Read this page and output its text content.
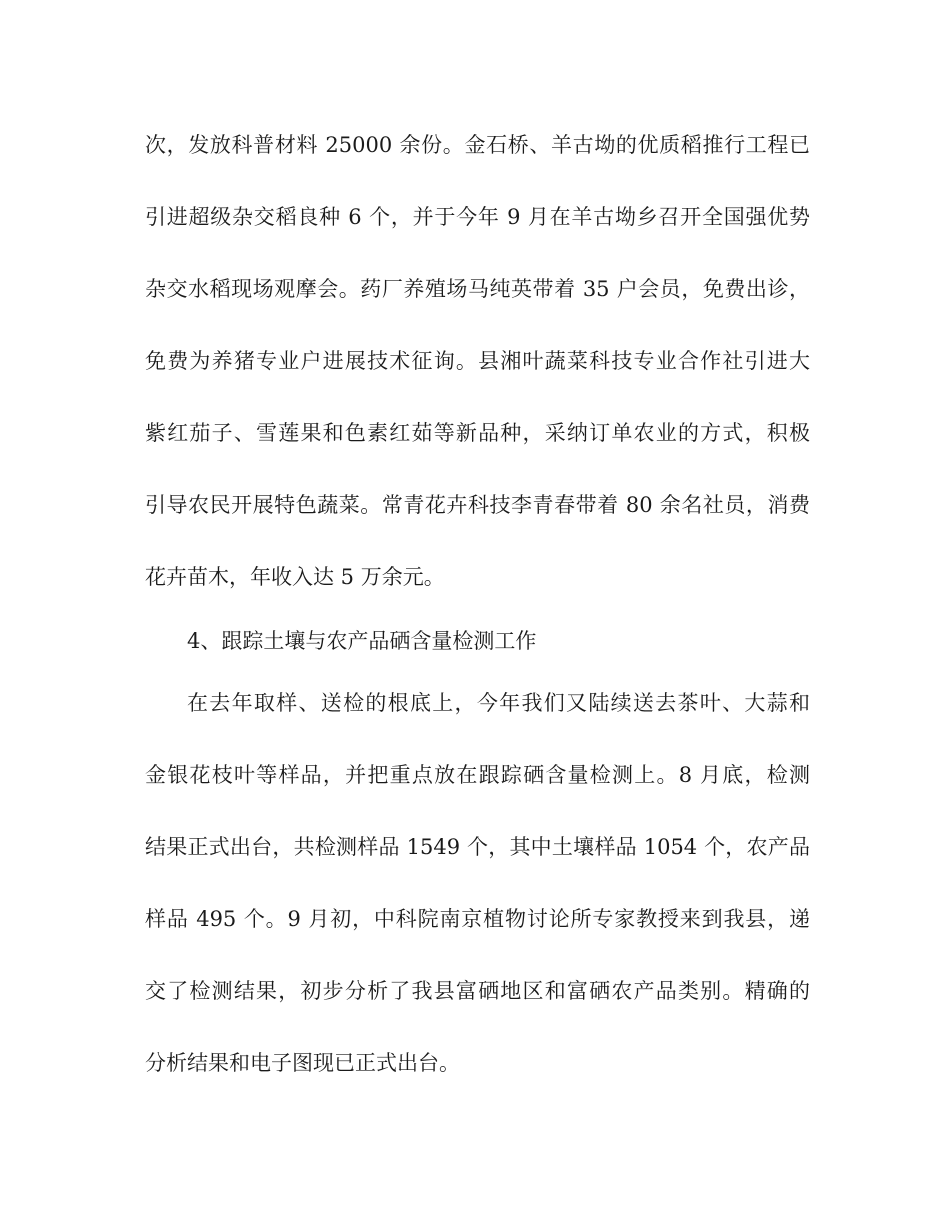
次，发放科普材料 25000 余份。金石桥、羊古坳的优质稻推行工程已
引进超级杂交稻良种 6 个，并于今年 9 月在羊古坳乡召开全国强优势
杂交水稻现场观摩会。药厂养殖场马纯英带着 35 户会员，免费出诊，
免费为养猪专业户进展技术征询。县湘叶蔬菜科技专业合作社引进大
紫红茄子、雪莲果和色素红茹等新品种，采纳订单农业的方式，积极
引导农民开展特色蔬菜。常青花卉科技李青春带着 80 余名社员，消费
花卉苗木，年收入达 5 万余元。
4、跟踪土壤与农产品硒含量检测工作
在去年取样、送检的根底上，今年我们又陆续送去茶叶、大蒜和
金银花枝叶等样品，并把重点放在跟踪硒含量检测上。8 月底，检测
结果正式出台，共检测样品 1549 个，其中土壤样品 1054 个，农产品
样品 495 个。9 月初，中科院南京植物讨论所专家教授来到我县，递
交了检测结果，初步分析了我县富硒地区和富硒农产品类别。精确的
分析结果和电子图现已正式出台。
